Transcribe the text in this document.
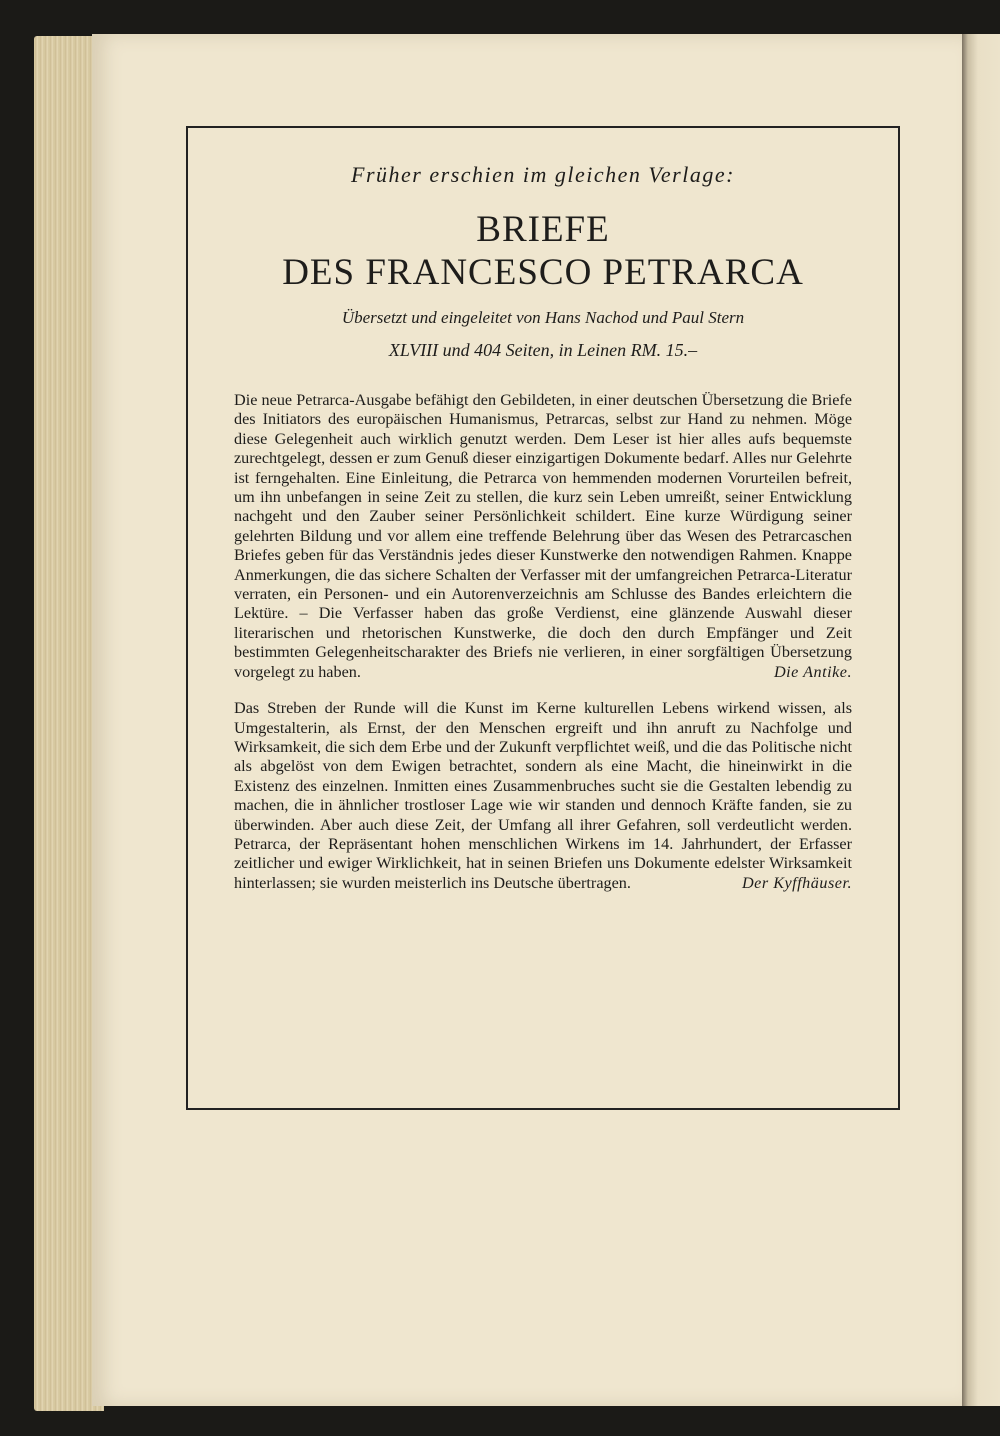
Früher erschien im gleichen Verlage:

BRIEFE
DES FRANCESCO PETRARCA

Übersetzt und eingeleitet von Hans Nachod und Paul Stern

XLVIII und 404 Seiten, in Leinen RM. 15.–

Die neue Petrarca-Ausgabe befähigt den Gebildeten, in einer deutschen Übersetzung die Briefe des Initiators des europäischen Humanismus, Petrarcas, selbst zur Hand zu nehmen. Möge diese Gelegenheit auch wirklich genutzt werden. Dem Leser ist hier alles aufs bequemste zurechtgelegt, dessen er zum Genuß dieser einzigartigen Dokumente bedarf. Alles nur Gelehrte ist ferngehalten. Eine Einleitung, die Petrarca von hemmenden modernen Vorurteilen befreit, um ihn unbefangen in seine Zeit zu stellen, die kurz sein Leben umreißt, seiner Entwicklung nachgeht und den Zauber seiner Persönlichkeit schildert. Eine kurze Würdigung seiner gelehrten Bildung und vor allem eine treffende Belehrung über das Wesen des Petrarcaschen Briefes geben für das Verständnis jedes dieser Kunstwerke den notwendigen Rahmen. Knappe Anmerkungen, die das sichere Schalten der Verfasser mit der umfangreichen Petrarca-Literatur verraten, ein Personen- und ein Autorenverzeichnis am Schlusse des Bandes erleichtern die Lektüre. – Die Verfasser haben das große Verdienst, eine glänzende Auswahl dieser literarischen und rhetorischen Kunstwerke, die doch den durch Empfänger und Zeit bestimmten Gelegenheitscharakter des Briefs nie verlieren, in einer sorgfältigen Übersetzung vorgelegt zu haben.	Die Antike.

Das Streben der Runde will die Kunst im Kerne kulturellen Lebens wirkend wissen, als Umgestalterin, als Ernst, der den Menschen ergreift und ihn anruft zu Nachfolge und Wirksamkeit, die sich dem Erbe und der Zukunft verpflichtet weiß, und die das Politische nicht als abgelöst von dem Ewigen betrachtet, sondern als eine Macht, die hineinwirkt in die Existenz des einzelnen. Inmitten eines Zusammenbruches sucht sie die Gestalten lebendig zu machen, die in ähnlicher trostloser Lage wie wir standen und dennoch Kräfte fanden, sie zu überwinden. Aber auch diese Zeit, der Umfang all ihrer Gefahren, soll verdeutlicht werden. Petrarca, der Repräsentant hohen menschlichen Wirkens im 14. Jahrhundert, der Erfasser zeitlicher und ewiger Wirklichkeit, hat in seinen Briefen uns Dokumente edelster Wirksamkeit hinterlassen; sie wurden meisterlich ins Deutsche übertragen.	Der Kyffhäuser.
